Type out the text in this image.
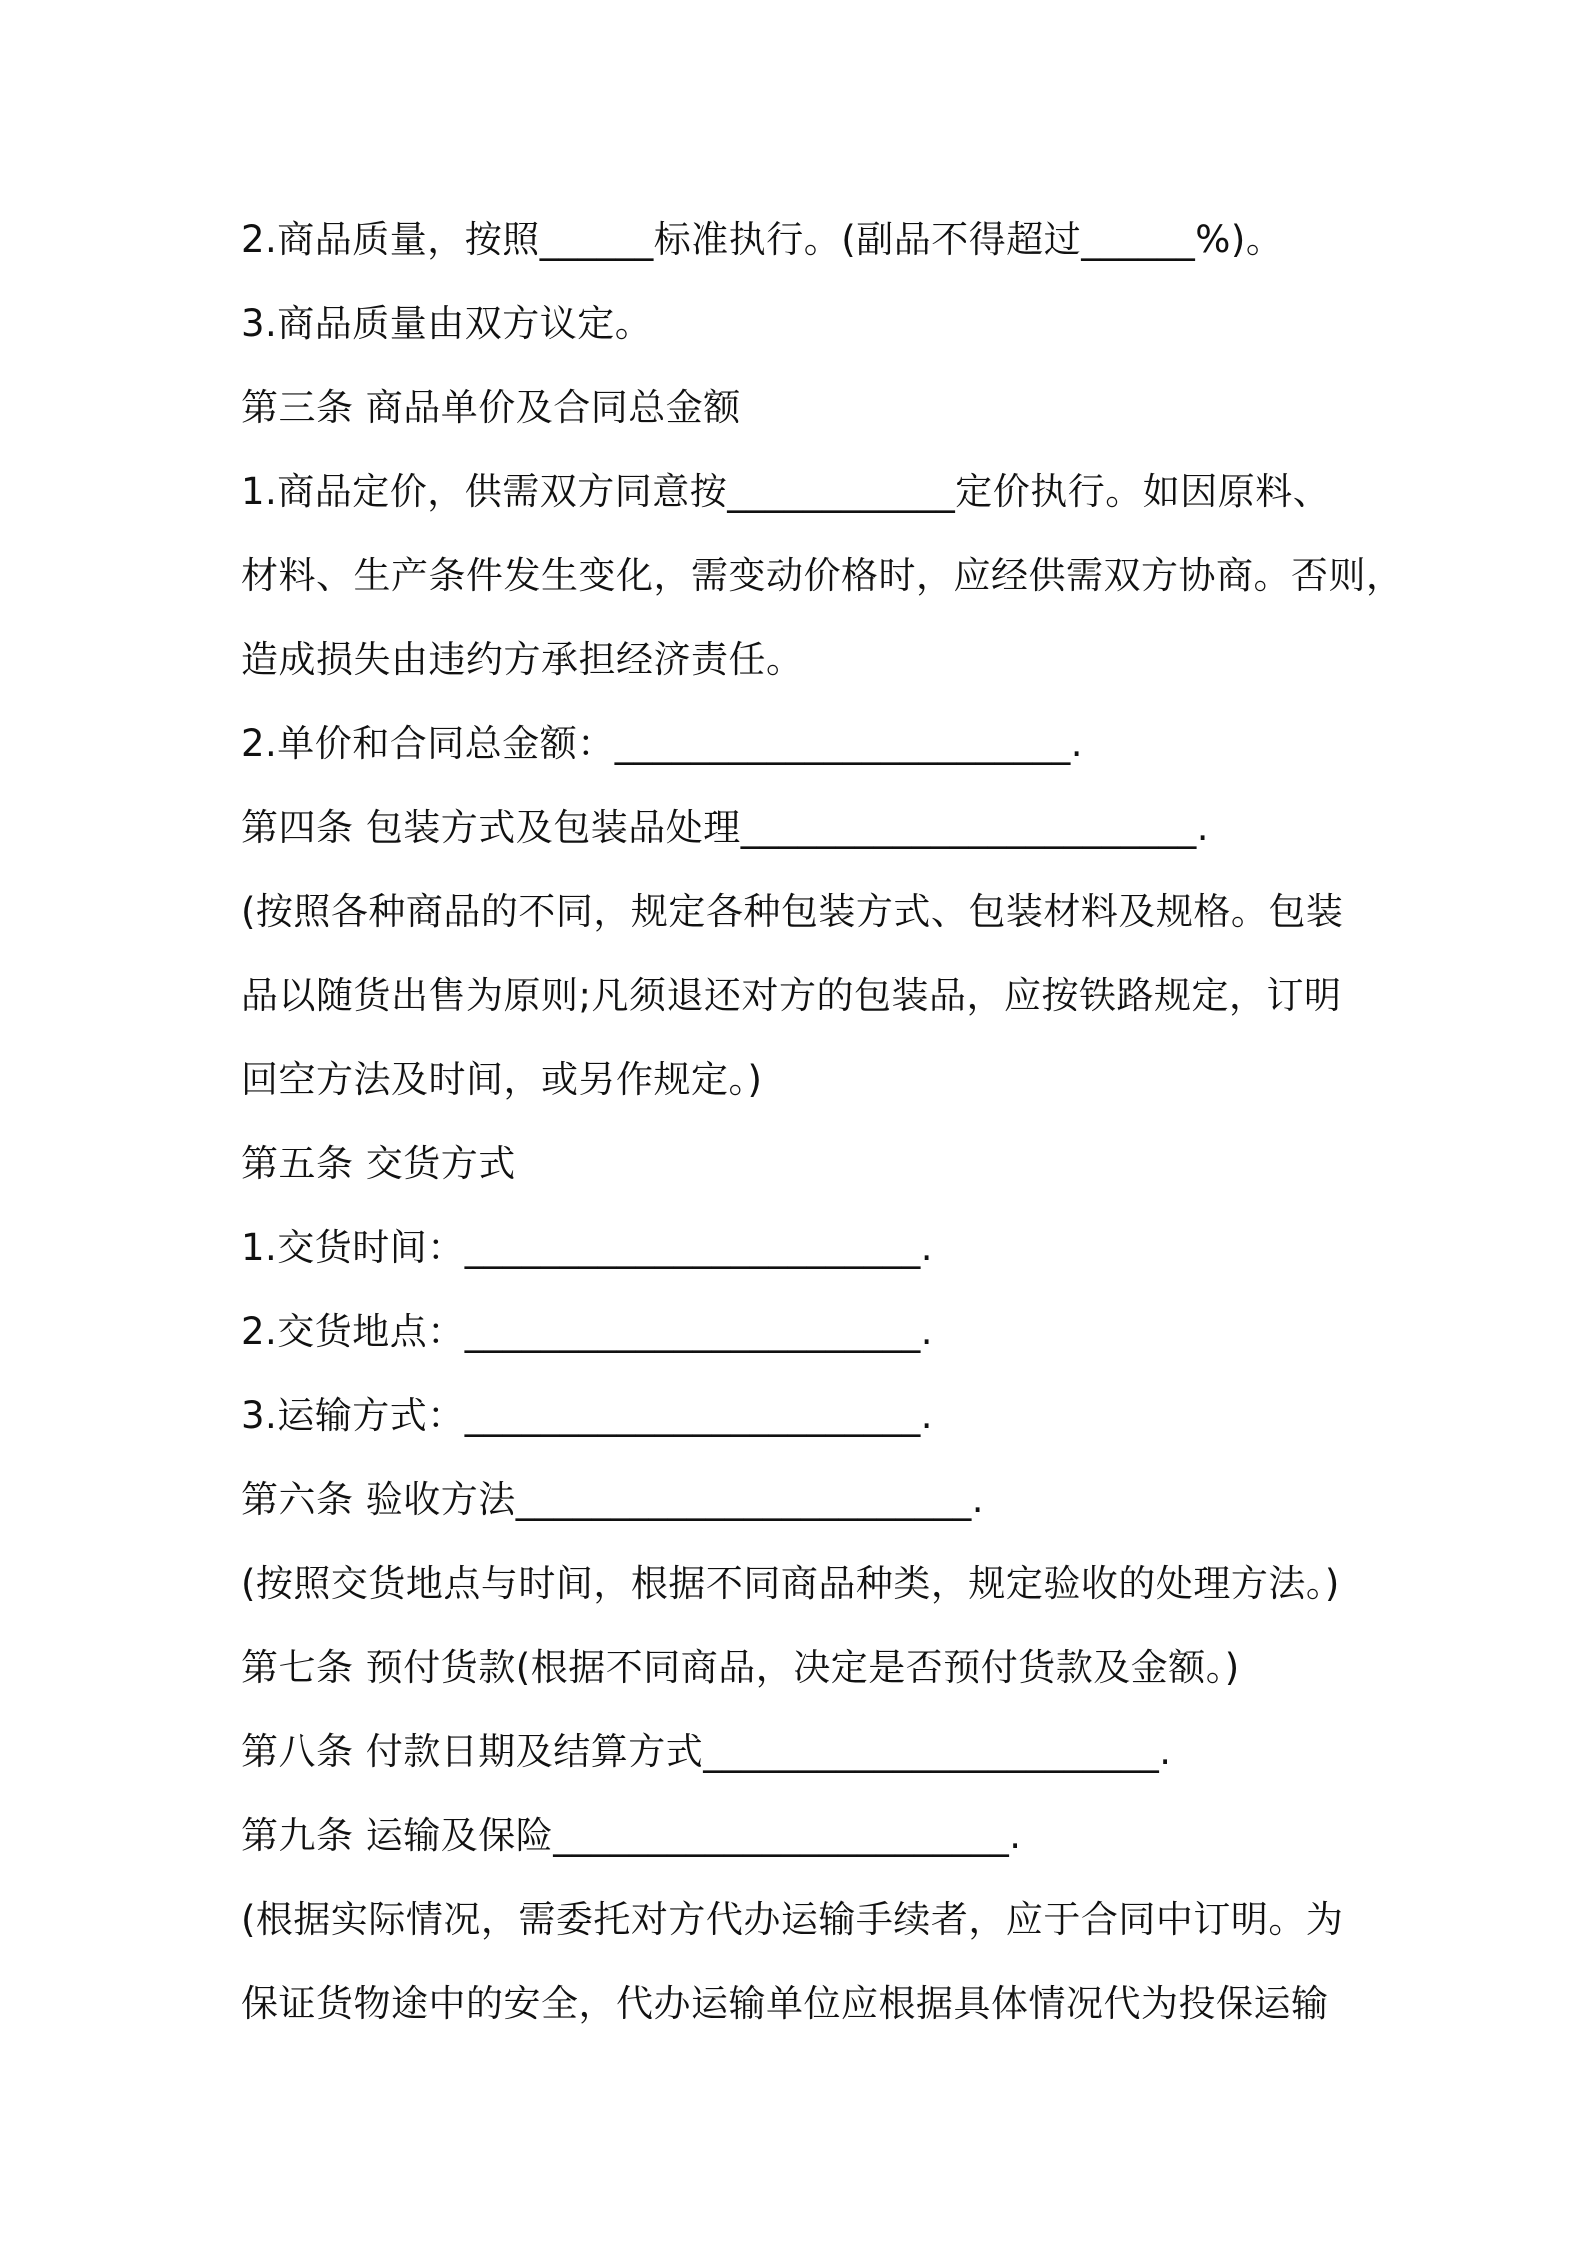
2.商品质量，按照______标准执行。(副品不得超过______%)。
3.商品质量由双方议定。
第三条 商品单价及合同总金额
1.商品定价，供需双方同意按____________定价执行。如因原料、
材料、生产条件发生变化，需变动价格时，应经供需双方协商。否则，
造成损失由违约方承担经济责任。
2.单价和合同总金额：________________________.
第四条 包装方式及包装品处理________________________.
(按照各种商品的不同，规定各种包装方式、包装材料及规格。包装
品以随货出售为原则;凡须退还对方的包装品，应按铁路规定，订明
回空方法及时间，或另作规定。)
第五条 交货方式
1.交货时间：________________________.
2.交货地点：________________________.
3.运输方式：________________________.
第六条 验收方法________________________.
(按照交货地点与时间，根据不同商品种类，规定验收的处理方法。)
第七条 预付货款(根据不同商品，决定是否预付货款及金额。)
第八条 付款日期及结算方式________________________.
第九条 运输及保险________________________.
(根据实际情况，需委托对方代办运输手续者，应于合同中订明。为
保证货物途中的安全，代办运输单位应根据具体情况代为投保运输
